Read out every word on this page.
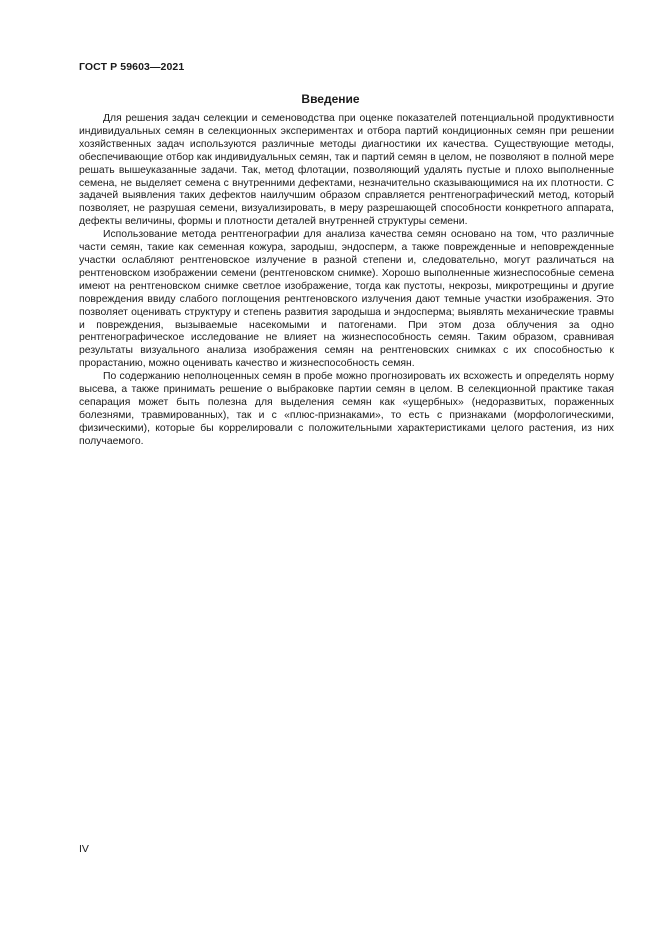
ГОСТ Р 59603—2021
Введение

Для решения задач селекции и семеноводства при оценке показателей потенциальной продуктивности индивидуальных семян в селекционных экспериментах и отбора партий кондиционных семян при решении хозяйственных задач используются различные методы диагностики их качества. Существующие методы, обеспечивающие отбор как индивидуальных семян, так и партий семян в целом, не позволяют в полной мере решать вышеуказанные задачи. Так, метод флотации, позволяющий удалять пустые и плохо выполненные семена, не выделяет семена с внутренними дефектами, незначительно сказывающимися на их плотности. С задачей выявления таких дефектов наилучшим образом справляется рентгенографический метод, который позволяет, не разрушая семени, визуализировать, в меру разрешающей способности конкретного аппарата, дефекты величины, формы и плотности деталей внутренней структуры семени.

Использование метода рентгенографии для анализа качества семян основано на том, что различные части семян, такие как семенная кожура, зародыш, эндосперм, а также поврежденные и неповрежденные участки ослабляют рентгеновское излучение в разной степени и, следовательно, могут различаться на рентгеновском изображении семени (рентгеновском снимке). Хорошо выполненные жизнеспособные семена имеют на рентгеновском снимке светлое изображение, тогда как пустоты, некрозы, микротрещины и другие повреждения ввиду слабого поглощения рентгеновского излучения дают темные участки изображения. Это позволяет оценивать структуру и степень развития зародыша и эндосперма; выявлять механические травмы и повреждения, вызываемые насекомыми и патогенами. При этом доза облучения за одно рентгенографическое исследование не влияет на жизнеспособность семян. Таким образом, сравнивая результаты визуального анализа изображения семян на рентгеновских снимках с их способностью к прорастанию, можно оценивать качество и жизнеспособность семян.

По содержанию неполноценных семян в пробе можно прогнозировать их всхожесть и определять норму высева, а также принимать решение о выбраковке партии семян в целом. В селекционной практике такая сепарация может быть полезна для выделения семян как «ущербных» (недоразвитых, пораженных болезнями, травмированных), так и с «плюс-признаками», то есть с признаками (морфологическими, физическими), которые бы коррелировали с положительными характеристиками целого растения, из них получаемого.

IV
